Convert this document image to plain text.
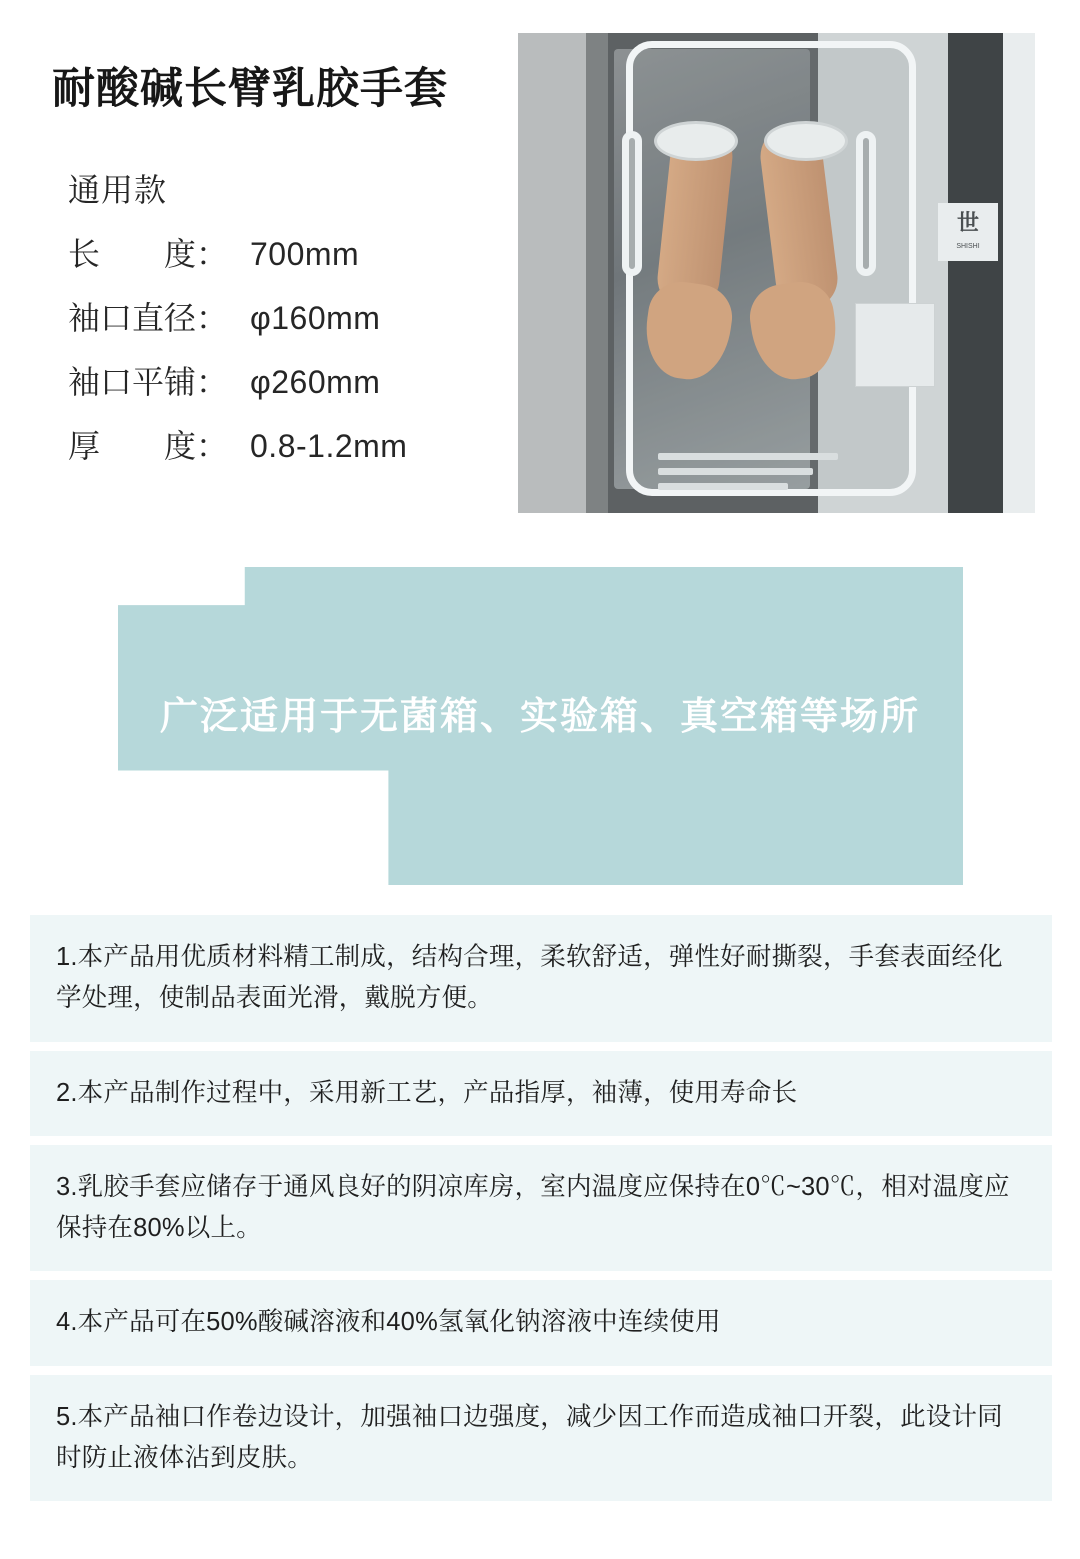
耐酸碱长臂乳胶手套
通用款
长　　度： 700mm
袖口直径： φ160mm
袖口平铺： φ260mm
厚　　度： 0.8-1.2mm
世
SHISHI
广泛适用于无菌箱、实验箱、真空箱等场所
1.本产品用优质材料精工制成，结构合理，柔软舒适，弹性好耐撕裂，手套表面经化学处理，使制品表面光滑，戴脱方便。
2.本产品制作过程中，采用新工艺，产品指厚，袖薄，使用寿命长
3.乳胶手套应储存于通风良好的阴凉库房，室内温度应保持在0℃~30℃，相对温度应保持在80%以上。
4.本产品可在50%酸碱溶液和40%氢氧化钠溶液中连续使用
5.本产品袖口作卷边设计，加强袖口边强度，减少因工作而造成袖口开裂，此设计同时防止液体沾到皮肤。
